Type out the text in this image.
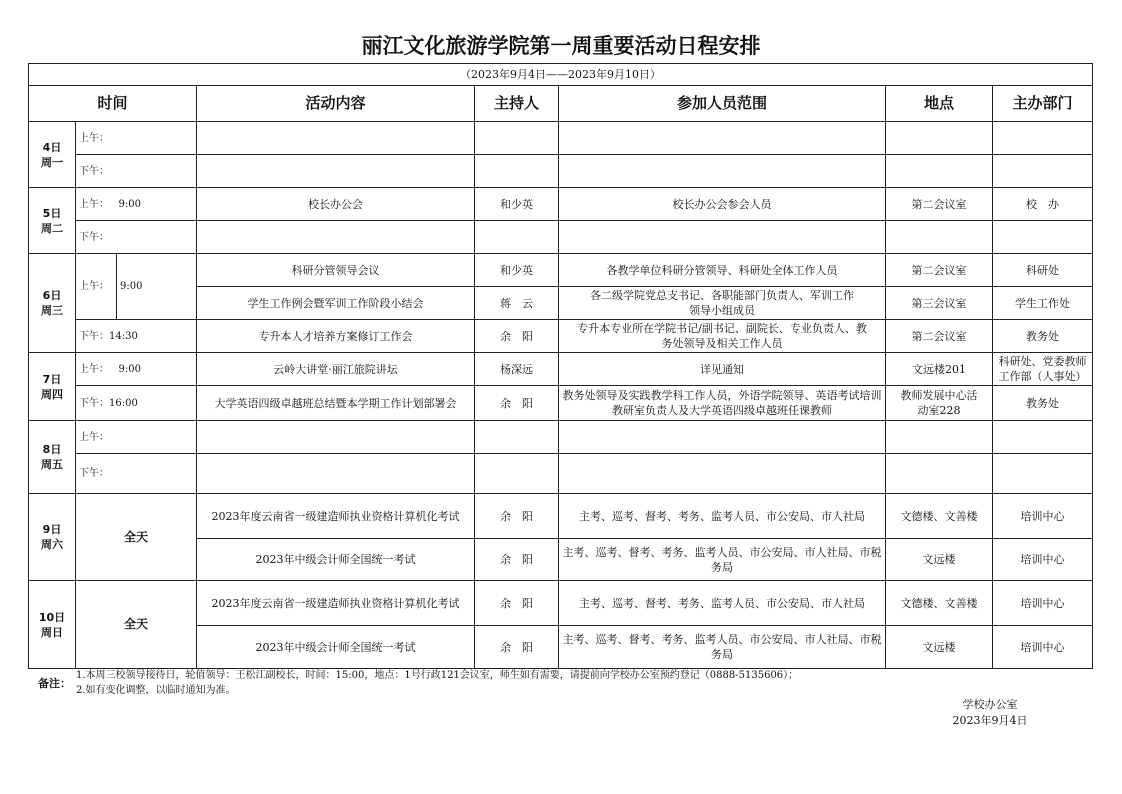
丽江文化旅游学院第一周重要活动日程安排
（2023年9月4日——2023年9月10日）							
时间			活动内容	主持人	参加人员范围	地点	主办部门
4日
周一	上午：						
	下午：						
5日
周二	上午：   9:00		校长办公会	和少英	校长办公会参会人员	第二会议室	校　办
	下午：						
6日
周三	上午：	9:00	科研分管领导会议	和少英	各教学单位科研分管领导、科研处全体工作人员	第二会议室	科研处
			学生工作例会暨军训工作阶段小结会	蒋　云	各二级学院党总支书记、各职能部门负责人、军训工作领导小组成员	第三会议室	学生工作处
	下午：14:30		专升本人才培养方案修订工作会	余　阳	专升本专业所在学院书记/副书记、副院长、专业负责人、教务处领导及相关工作人员	第二会议室	教务处
7日
周四	上午：   9:00		云岭大讲堂·丽江旅院讲坛	杨深远	详见通知	文远楼201	科研处、党委教师工作部（人事处）
	下午：16:00		大学英语四级卓越班总结暨本学期工作计划部署会	余　阳	教务处领导及实践教学科工作人员，外语学院领导、英语考试培训教研室负责人及大学英语四级卓越班任课教师	教师发展中心活动室228	教务处
8日
周五	上午：						
	下午：						
9日
周六	全天		2023年度云南省一级建造师执业资格计算机化考试	余　阳	主考、巡考、督考、考务、监考人员、市公安局、市人社局	文德楼、文善楼	培训中心
			2023年中级会计师全国统一考试	余　阳	主考、巡考、督考、考务、监考人员、市公安局、市人社局、市税务局	文远楼	培训中心
10日
周日	全天		2023年度云南省一级建造师执业资格计算机化考试	余　阳	主考、巡考、督考、考务、监考人员、市公安局、市人社局	文德楼、文善楼	培训中心
			2023年中级会计师全国统一考试	余　阳	主考、巡考、督考、考务、监考人员、市公安局、市人社局、市税务局	文远楼	培训中心
备注：
1.本周三校领导接待日，轮值领导：王松江副校长，时间：15:00，地点：1号行政121会议室，师生如有需要，请提前向学校办公室预约登记（0888-5135606）；
2.如有变化调整，以临时通知为准。
学校办公室
2023年9月4日
